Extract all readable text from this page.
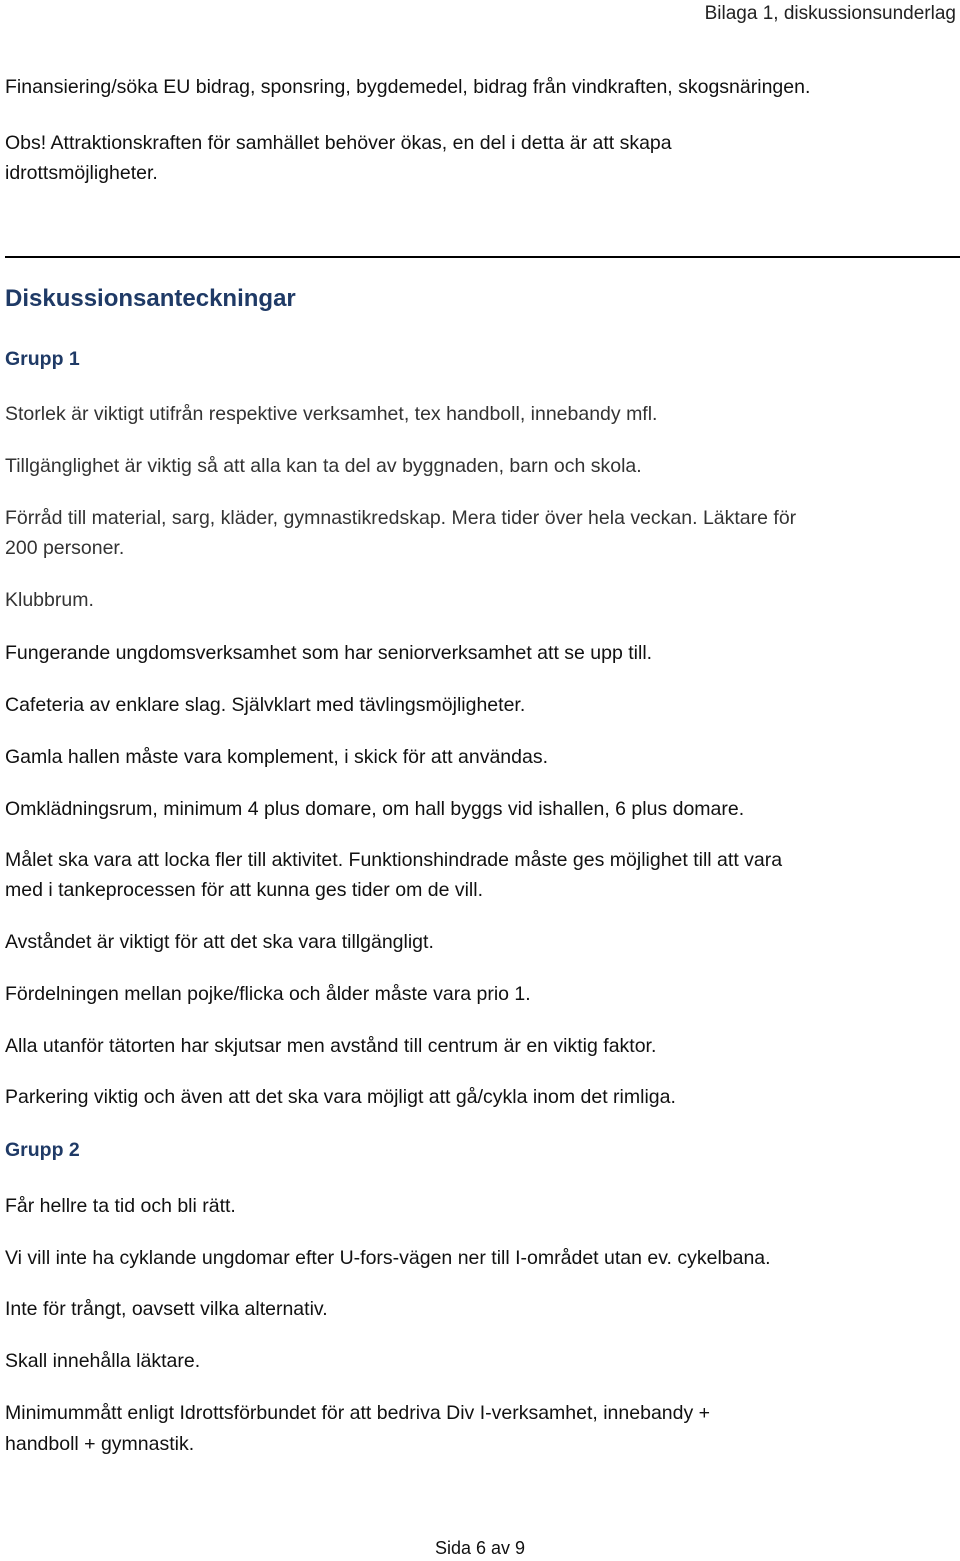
Bilaga 1, diskussionsunderlag

Finansiering/söka EU bidrag, sponsring, bygdemedel, bidrag från vindkraften, skogsnäringen.

Obs! Attraktionskraften för samhället behöver ökas, en del i detta är att skapa

idrottsmöjligheter.

Diskussionsanteckningar
Grupp 1

Storlek är viktigt utifrån respektive verksamhet, tex handboll, innebandy mfl.

Tillgänglighet är viktig så att alla kan ta del av byggnaden, barn och skola.

Förråd till material, sarg, kläder, gymnastikredskap. Mera tider över hela veckan. Läktare för

200 personer.

Klubbrum.

Fungerande ungdomsverksamhet som har seniorverksamhet att se upp till.

Cafeteria av enklare slag. Självklart med tävlingsmöjligheter.

Gamla hallen måste vara komplement, i skick för att användas.

Omklädningsrum, minimum 4 plus domare, om hall byggs vid ishallen, 6 plus domare.

Målet ska vara att locka fler till aktivitet. Funktionshindrade måste ges möjlighet till att vara

med i tankeprocessen för att kunna ges tider om de vill.

Avståndet är viktigt för att det ska vara tillgängligt.

Fördelningen mellan pojke/flicka och ålder måste vara prio 1.

Alla utanför tätorten har skjutsar men avstånd till centrum är en viktig faktor.

Parkering viktig och även att det ska vara möjligt att gå/cykla inom det rimliga.

Grupp 2

Får hellre ta tid och bli rätt.

Vi vill inte ha cyklande ungdomar efter U-fors-vägen ner till I-området utan ev. cykelbana.

Inte för trångt, oavsett vilka alternativ.

Skall innehålla läktare.

Minimummått enligt Idrottsförbundet för att bedriva Div I-verksamhet, innebandy +

handboll + gymnastik.

Sida 6 av 9
